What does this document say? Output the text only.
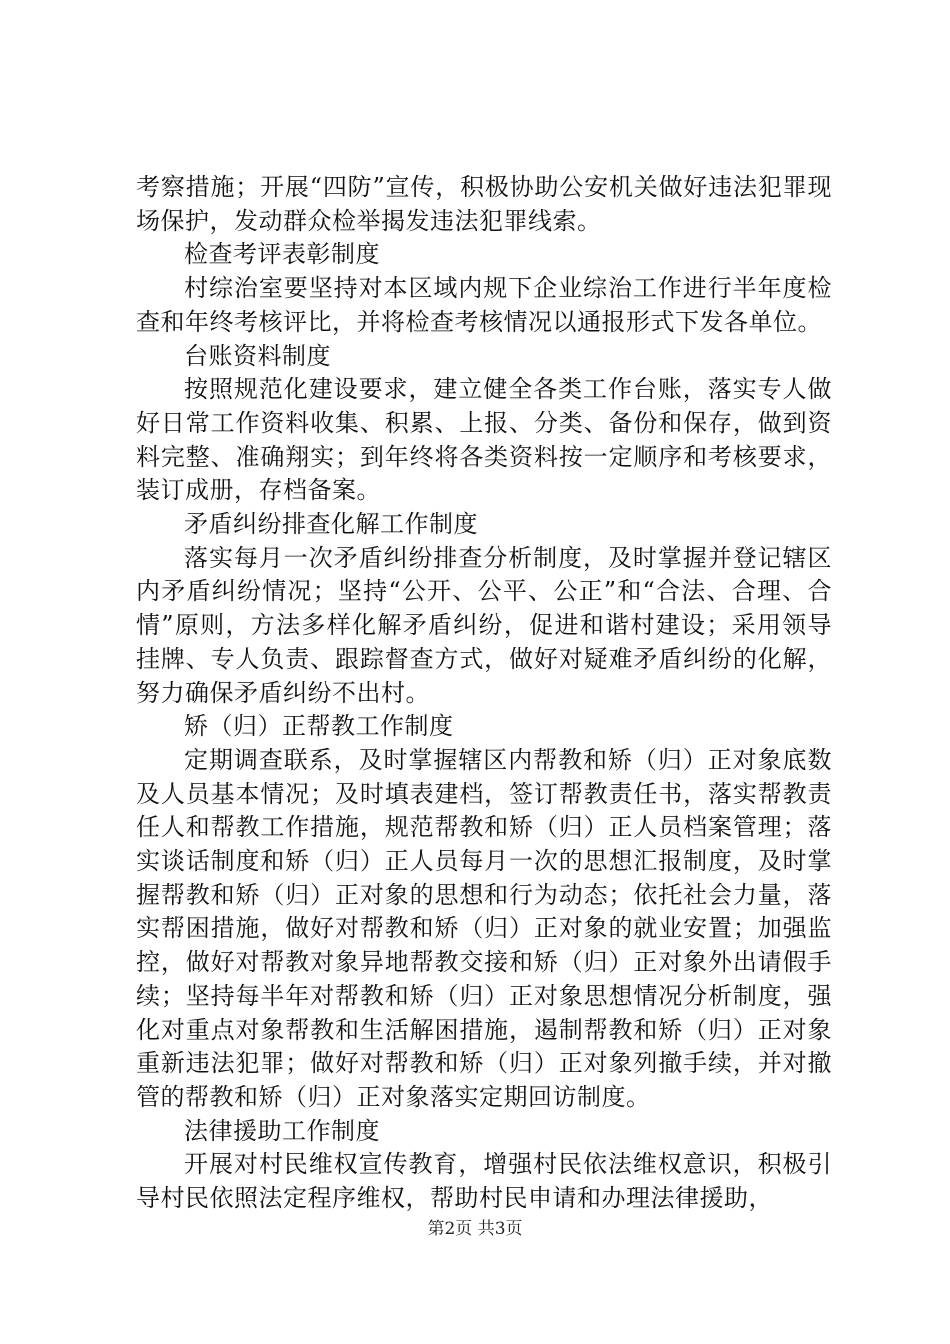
考察措施；开展“四防”宣传，积极协助公安机关做好违法犯罪现场保护，发动群众检举揭发违法犯罪线索。

检查考评表彰制度

村综治室要坚持对本区域内规下企业综治工作进行半年度检查和年终考核评比，并将检查考核情况以通报形式下发各单位。

台账资料制度

按照规范化建设要求，建立健全各类工作台账，落实专人做好日常工作资料收集、积累、上报、分类、备份和保存，做到资料完整、准确翔实；到年终将各类资料按一定顺序和考核要求，装订成册，存档备案。

矛盾纠纷排查化解工作制度

落实每月一次矛盾纠纷排查分析制度，及时掌握并登记辖区内矛盾纠纷情况；坚持“公开、公平、公正”和“合法、合理、合情”原则，方法多样化解矛盾纠纷，促进和谐村建设；采用领导挂牌、专人负责、跟踪督查方式，做好对疑难矛盾纠纷的化解，努力确保矛盾纠纷不出村。

矫（归）正帮教工作制度

定期调查联系，及时掌握辖区内帮教和矫（归）正对象底数及人员基本情况；及时填表建档，签订帮教责任书，落实帮教责任人和帮教工作措施，规范帮教和矫（归）正人员档案管理；落实谈话制度和矫（归）正人员每月一次的思想汇报制度，及时掌握帮教和矫（归）正对象的思想和行为动态；依托社会力量，落实帮困措施，做好对帮教和矫（归）正对象的就业安置；加强监控，做好对帮教对象异地帮教交接和矫（归）正对象外出请假手续；坚持每半年对帮教和矫（归）正对象思想情况分析制度，强化对重点对象帮教和生活解困措施，遏制帮教和矫（归）正对象重新违法犯罪；做好对帮教和矫（归）正对象列撤手续，并对撤管的帮教和矫（归）正对象落实定期回访制度。

法律援助工作制度

开展对村民维权宣传教育，增强村民依法维权意识，积极引导村民依照法定程序维权，帮助村民申请和办理法律援助，

第2页 共3页
